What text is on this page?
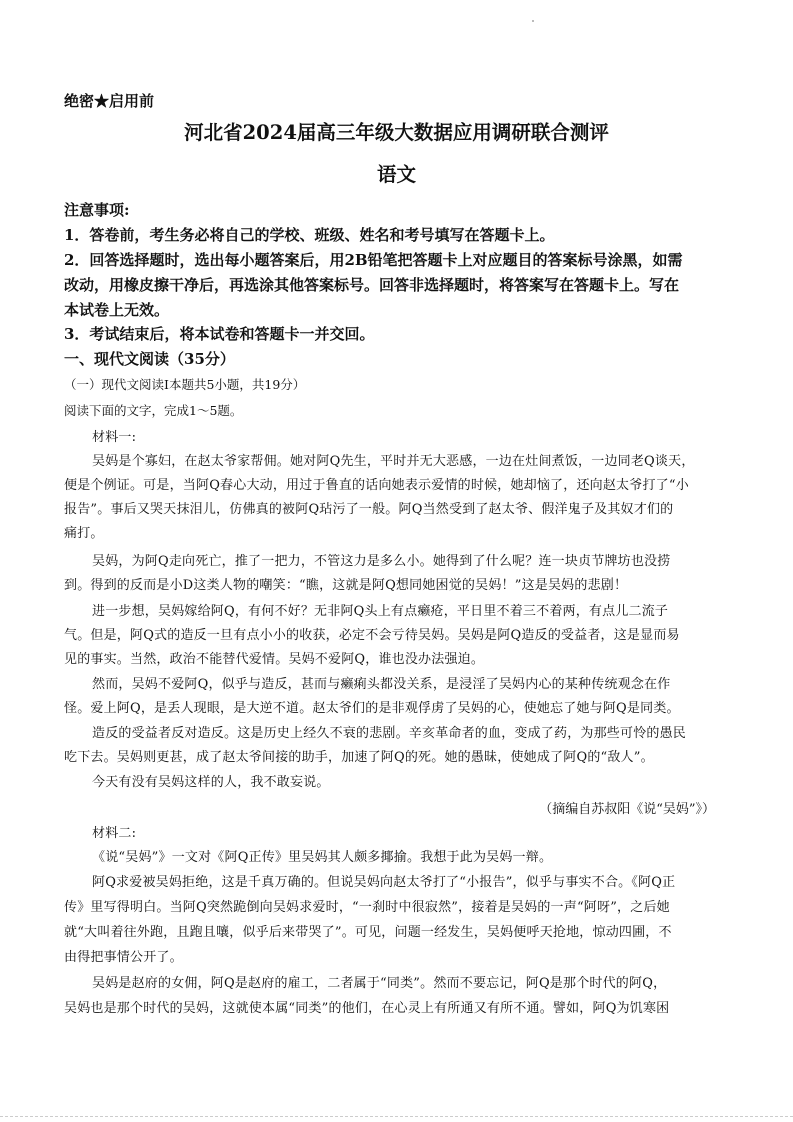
绝密★启用前
河北省2024届高三年级大数据应用调研联合测评
语文
注意事项:
1．答卷前，考生务必将自己的学校、班级、姓名和考号填写在答题卡上。
2．回答选择题时，选出每小题答案后，用2B铅笔把答题卡上对应题目的答案标号涂黑，如需
改动，用橡皮擦干净后，再选涂其他答案标号。回答非选择题时，将答案写在答题卡上。写在
本试卷上无效。
3．考试结束后，将本试卷和答题卡一并交回。
一、现代文阅读（35分）
（一）现代文阅读I本题共5小题，共19分）
阅读下面的文字，完成1～5题。
材料一:
吴妈是个寡妇，在赵太爷家帮佣。她对阿Q先生，平时并无大恶感，一边在灶间煮饭，一边同老Q谈天，
便是个例证。可是，当阿Q春心大动，用过于鲁直的话向她表示爱情的时候，她却恼了，还向赵太爷打了“小
报告”。事后又哭天抹泪儿，仿佛真的被阿Q玷污了一般。阿Q当然受到了赵太爷、假洋鬼子及其奴才们的
痛打。
吴妈，为阿Q走向死亡，推了一把力，不管这力是多么小。她得到了什么呢？连一块贞节牌坊也没捞
到。得到的反而是小D这类人物的嘲笑：“瞧，这就是阿Q想同她困觉的吴妈！”这是吴妈的悲剧！
进一步想，吴妈嫁给阿Q，有何不好？无非阿Q头上有点癞疮，平日里不着三不着两，有点儿二流子
气。但是，阿Q式的造反一旦有点小小的收获，必定不会亏待吴妈。吴妈是阿Q造反的受益者，这是显而易
见的事实。当然，政治不能替代爱情。吴妈不爱阿Q，谁也没办法强迫。
然而，吴妈不爱阿Q，似乎与造反，甚而与癞痢头都没关系，是浸淫了吴妈内心的某种传统观念在作
怪。爱上阿Q，是丢人现眼，是大逆不道。赵太爷们的是非观俘虏了吴妈的心，使她忘了她与阿Q是同类。
造反的受益者反对造反。这是历史上经久不衰的悲剧。辛亥革命者的血，变成了药，为那些可怜的愚民
吃下去。吴妈则更甚，成了赵太爷间接的助手，加速了阿Q的死。她的愚昧，使她成了阿Q的“敌人”。
今天有没有吴妈这样的人，我不敢妄说。
（摘编自苏叔阳《说“吴妈”》）
材料二:
《说“吴妈”》一文对《阿Q正传》里吴妈其人颇多揶揄。我想于此为吴妈一辩。
阿Q求爱被吴妈拒绝，这是千真万确的。但说吴妈向赵太爷打了“小报告”，似乎与事实不合。《阿Q正
传》里写得明白。当阿Q突然跪倒向吴妈求爱时，“一刹时中很寂然”，接着是吴妈的一声“阿呀”，之后她
就“大叫着往外跑，且跑且嚷，似乎后来带哭了”。可见，问题一经发生，吴妈便呼天抢地，惊动四圃，不
由得把事情公开了。
吴妈是赵府的女佣，阿Q是赵府的雇工，二者属于“同类”。然而不要忘记，阿Q是那个时代的阿Q，
吴妈也是那个时代的吴妈，这就使本属“同类”的他们，在心灵上有所通又有所不通。譬如，阿Q为饥寒困
